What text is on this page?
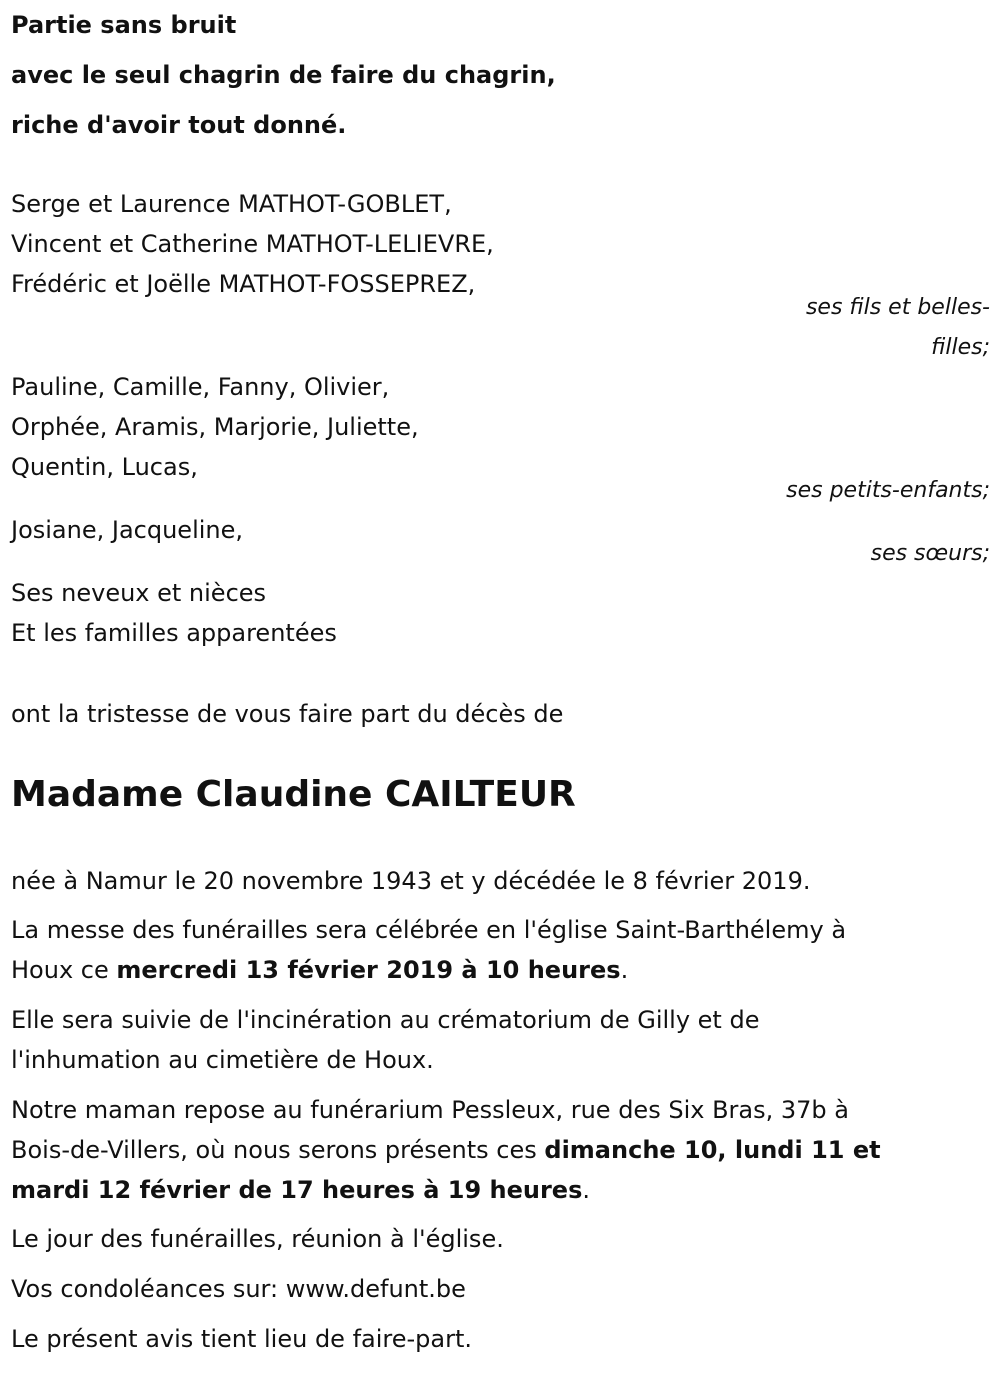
Partie sans bruit
avec le seul chagrin de faire du chagrin,
riche d'avoir tout donné.
Serge et Laurence MATHOT-GOBLET,
Vincent et Catherine MATHOT-LELIEVRE,
Frédéric et Joëlle MATHOT-FOSSEPREZ,
ses fils et belles-
filles;
Pauline, Camille, Fanny, Olivier,
Orphée, Aramis, Marjorie, Juliette,
Quentin, Lucas,
ses petits-enfants;
Josiane, Jacqueline,
ses sœurs;
Ses neveux et nièces
Et les familles apparentées
ont la tristesse de vous faire part du décès de
Madame Claudine CAILTEUR
née à Namur le 20 novembre 1943 et y décédée le 8 février 2019.
La messe des funérailles sera célébrée en l'église Saint-Barthélemy à
Houx ce mercredi 13 février 2019 à 10 heures.
Elle sera suivie de l'incinération au crématorium de Gilly et de
l'inhumation au cimetière de Houx.
Notre maman repose au funérarium Pessleux, rue des Six Bras, 37b à
Bois-de-Villers, où nous serons présents ces dimanche 10, lundi 11 et
mardi 12 février de 17 heures à 19 heures.
Le jour des funérailles, réunion à l'église.
Vos condoléances sur: www.defunt.be
Le présent avis tient lieu de faire-part.
